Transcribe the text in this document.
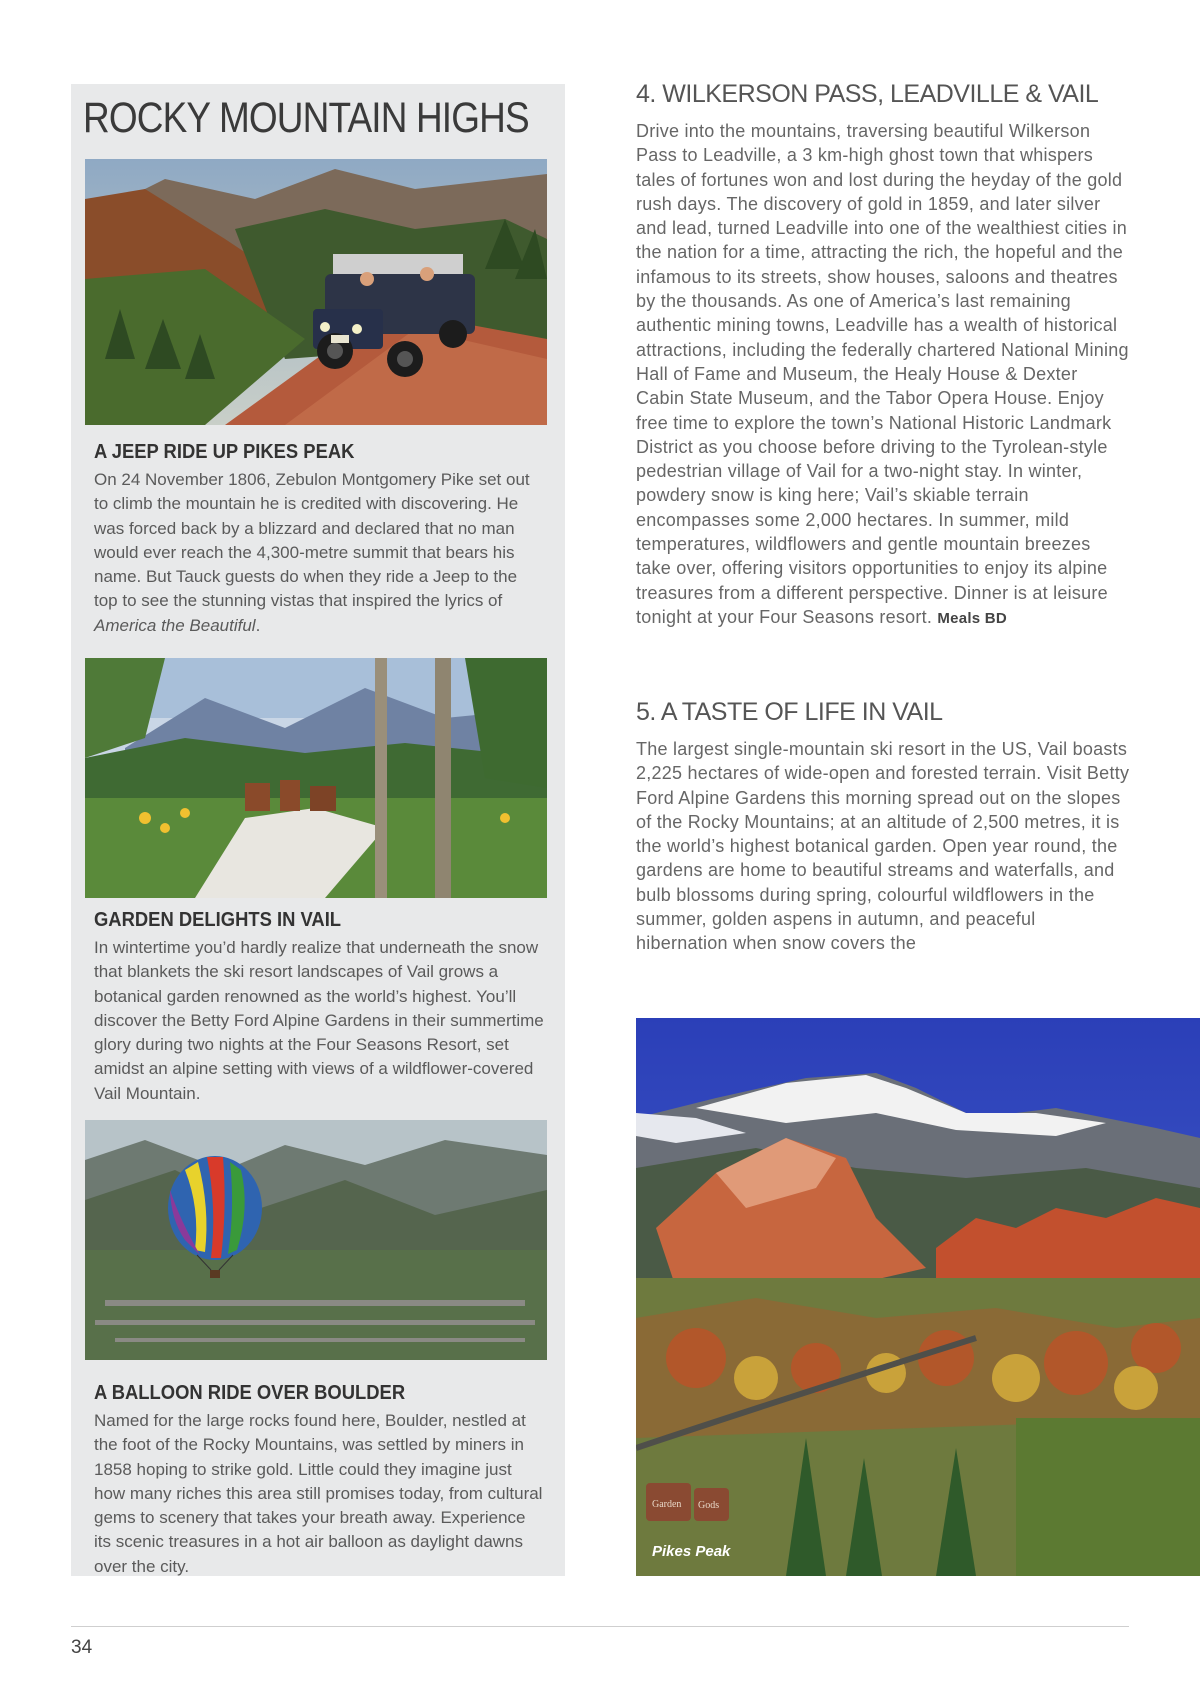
ROCKY MOUNTAIN HIGHS
A JEEP RIDE UP PIKES PEAK

On 24 November 1806, Zebulon Montgomery Pike set out to climb the mountain he is credited with discovering. He was forced back by a blizzard and declared that no man would ever reach the 4,300-metre summit that bears his name. But Tauck guests do when they ride a Jeep to the top to see the stunning vistas that inspired the lyrics of America the Beautiful.

GARDEN DELIGHTS IN VAIL

In wintertime you’d hardly realize that underneath the snow that blankets the ski resort landscapes of Vail grows a botanical garden renowned as the world’s highest. You’ll discover the Betty Ford Alpine Gardens in their summertime glory during two nights at the Four Seasons Resort, set amidst an alpine setting with views of a wildflower-covered Vail Mountain.

A BALLOON RIDE OVER BOULDER

Named for the large rocks found here, Boulder, nestled at the foot of the Rocky Mountains, was settled by miners in 1858 hoping to strike gold. Little could they imagine just how many riches this area still promises today, from cultural gems to scenery that takes your breath away. Experience its scenic treasures in a hot air balloon as daylight dawns over the city.

4. WILKERSON PASS, LEADVILLE & VAIL

Drive into the mountains, traversing beautiful Wilkerson Pass to Leadville, a 3 km-high ghost town that whispers tales of fortunes won and lost during the heyday of the gold rush days. The discovery of gold in 1859, and later silver and lead, turned Leadville into one of the wealthiest cities in the nation for a time, attracting the rich, the hopeful and the infamous to its streets, show houses, saloons and theatres by the thousands. As one of America’s last remaining authentic mining towns, Leadville has a wealth of historical attractions, including the federally chartered National Mining Hall of Fame and Museum, the Healy House & Dexter Cabin State Museum, and the Tabor Opera House. Enjoy free time to explore the town’s National Historic Landmark District as you choose before driving to the Tyrolean-style pedestrian village of Vail for a two-night stay. In winter, powdery snow is king here; Vail’s skiable terrain encompasses some 2,000 hectares. In summer, mild temperatures, wildflowers and gentle mountain breezes take over, offering visitors opportunities to enjoy its alpine treasures from a different perspective. Dinner is at leisure tonight at your Four Seasons resort. Meals BD

5. A TASTE OF LIFE IN VAIL

The largest single-mountain ski resort in the US, Vail boasts 2,225 hectares of wide-open and forested terrain. Visit Betty Ford Alpine Gardens this morning spread out on the slopes of the Rocky Mountains; at an altitude of 2,500 metres, it is the world’s highest botanical garden. Open year round, the gardens are home to beautiful streams and waterfalls, and bulb blossoms during spring, colourful wildflowers in the summer, golden aspens in autumn, and peaceful hibernation when snow covers the

Garden Gods
Pikes Peak
34
